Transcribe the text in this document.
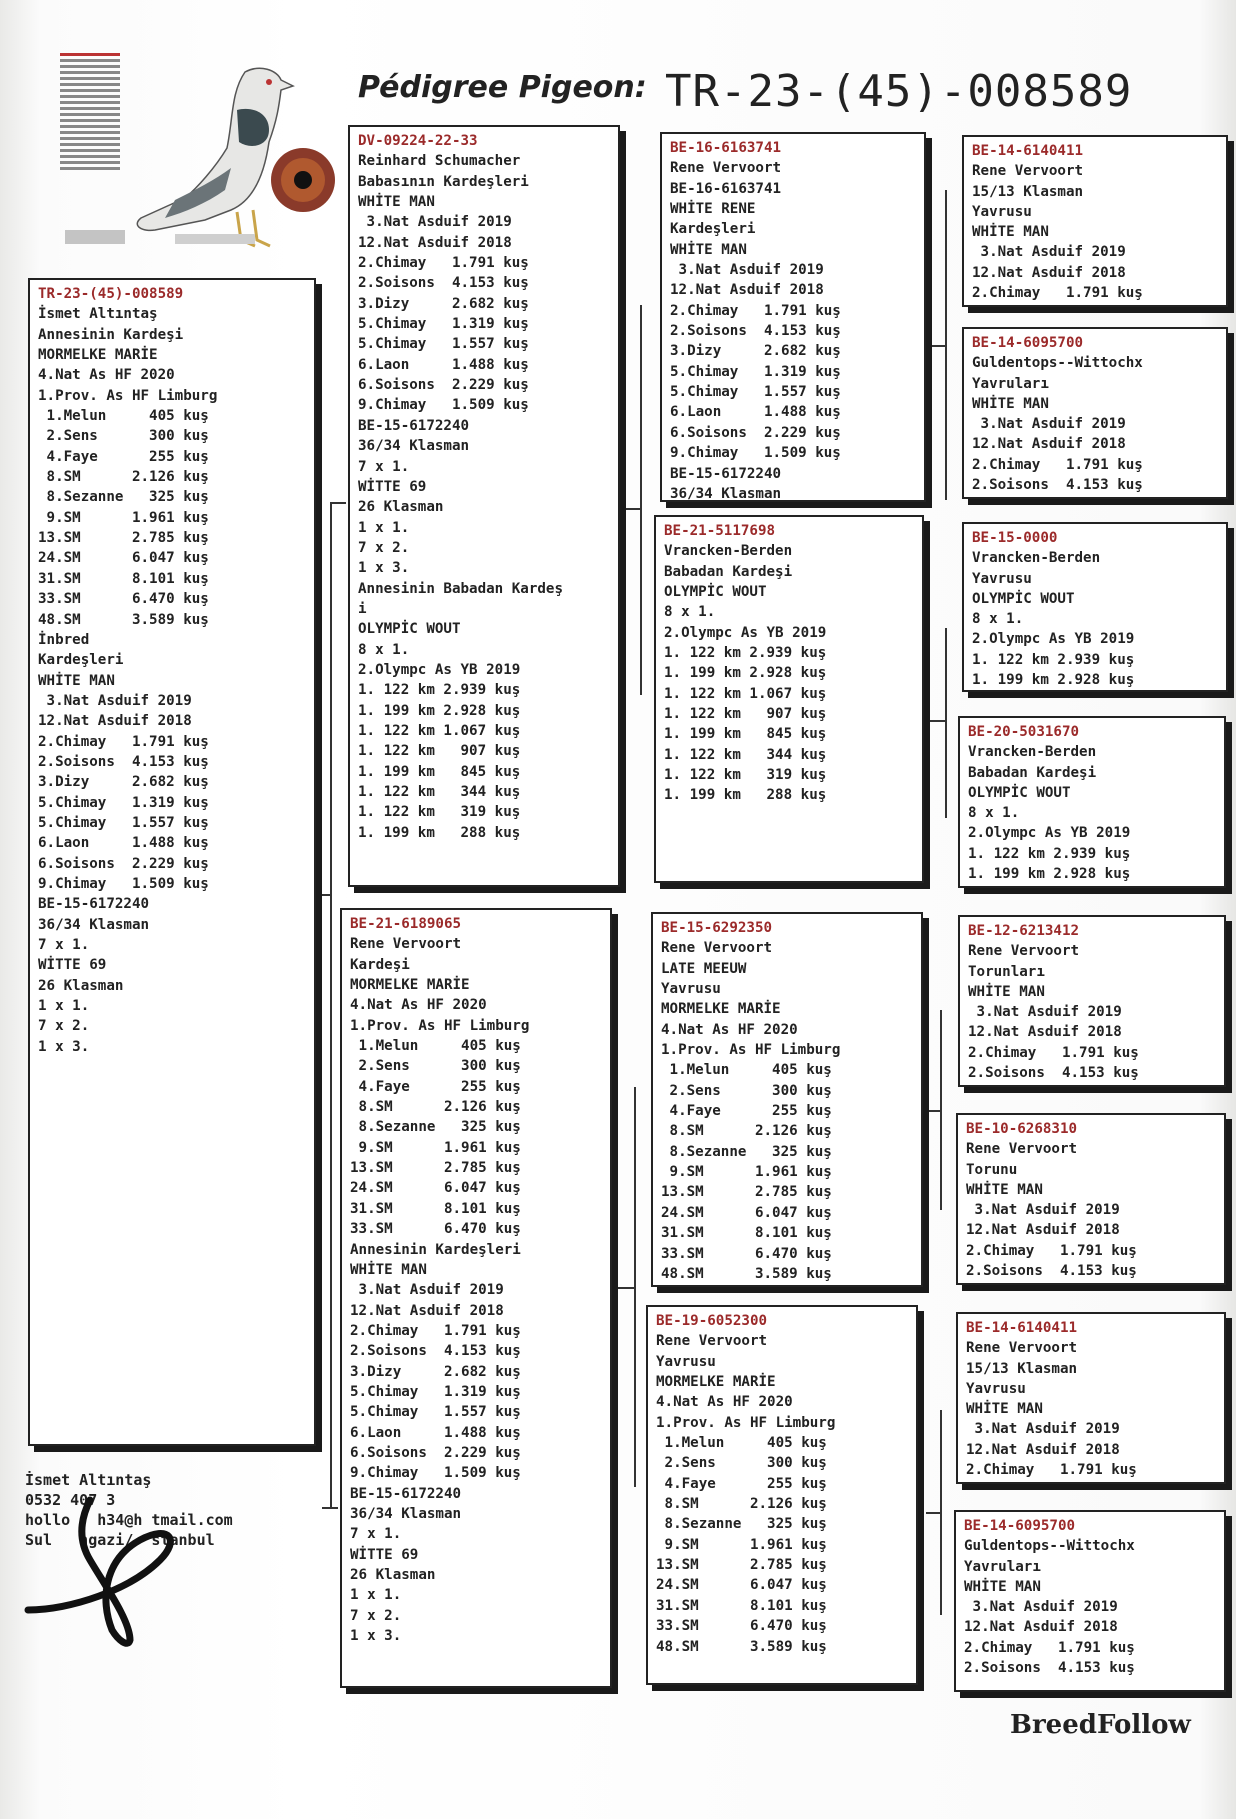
Pédigree Pigeon: TR-23-(45)-008589
TR-23-(45)-008589
İsmet Altıntaş
Annesinin Kardeşi
MORMELKE MARİE
4.Nat As HF 2020
1.Prov. As HF Limburg
1.Melun     405 kuş
2.Sens      300 kuş
4.Faye      255 kuş
8.SM      2.126 kuş
8.Sezanne   325 kuş
9.SM      1.961 kuş
13.SM      2.785 kuş
24.SM      6.047 kuş
31.SM      8.101 kuş
33.SM      6.470 kuş
48.SM      3.589 kuş
İnbred
Kardeşleri
WHİTE MAN
3.Nat Asduif 2019
12.Nat Asduif 2018
2.Chimay   1.791 kuş
2.Soisons  4.153 kuş
3.Dizy     2.682 kuş
5.Chimay   1.319 kuş
5.Chimay   1.557 kuş
6.Laon     1.488 kuş
6.Soisons  2.229 kuş
9.Chimay   1.509 kuş
BE-15-6172240
36/34 Klasman
7 x 1.
WİTTE 69
26 Klasman
1 x 1.
7 x 2.
1 x 3.
DV-09224-22-33
Reinhard Schumacher
Babasının Kardeşleri
WHİTE MAN
3.Nat Asduif 2019
12.Nat Asduif 2018
2.Chimay   1.791 kuş
2.Soisons  4.153 kuş
3.Dizy     2.682 kuş
5.Chimay   1.319 kuş
5.Chimay   1.557 kuş
6.Laon     1.488 kuş
6.Soisons  2.229 kuş
9.Chimay   1.509 kuş
BE-15-6172240
36/34 Klasman
7 x 1.
WİTTE 69
26 Klasman
1 x 1.
7 x 2.
1 x 3.
Annesinin Babadan Kardeş
i
OLYMPİC WOUT
8 x 1.
2.Olympc As YB 2019
1. 122 km 2.939 kuş
1. 199 km 2.928 kuş
1. 122 km 1.067 kuş
1. 122 km   907 kuş
1. 199 km   845 kuş
1. 122 km   344 kuş
1. 122 km   319 kuş
1. 199 km   288 kuş
BE-21-6189065
Rene Vervoort
Kardeşi
MORMELKE MARİE
4.Nat As HF 2020
1.Prov. As HF Limburg
1.Melun     405 kuş
2.Sens      300 kuş
4.Faye      255 kuş
8.SM      2.126 kuş
8.Sezanne   325 kuş
9.SM      1.961 kuş
13.SM      2.785 kuş
24.SM      6.047 kuş
31.SM      8.101 kuş
33.SM      6.470 kuş
Annesinin Kardeşleri
WHİTE MAN
3.Nat Asduif 2019
12.Nat Asduif 2018
2.Chimay   1.791 kuş
2.Soisons  4.153 kuş
3.Dizy     2.682 kuş
5.Chimay   1.319 kuş
5.Chimay   1.557 kuş
6.Laon     1.488 kuş
6.Soisons  2.229 kuş
9.Chimay   1.509 kuş
BE-15-6172240
36/34 Klasman
7 x 1.
WİTTE 69
26 Klasman
1 x 1.
7 x 2.
1 x 3.
BE-16-6163741
Rene Vervoort
BE-16-6163741
WHİTE RENE
Kardeşleri
WHİTE MAN
3.Nat Asduif 2019
12.Nat Asduif 2018
2.Chimay   1.791 kuş
2.Soisons  4.153 kuş
3.Dizy     2.682 kuş
5.Chimay   1.319 kuş
5.Chimay   1.557 kuş
6.Laon     1.488 kuş
6.Soisons  2.229 kuş
9.Chimay   1.509 kuş
BE-15-6172240
36/34 Klasman
BE-21-5117698
Vrancken-Berden
Babadan Kardeşi
OLYMPİC WOUT
8 x 1.
2.Olympc As YB 2019
1. 122 km 2.939 kuş
1. 199 km 2.928 kuş
1. 122 km 1.067 kuş
1. 122 km   907 kuş
1. 199 km   845 kuş
1. 122 km   344 kuş
1. 122 km   319 kuş
1. 199 km   288 kuş
BE-15-6292350
Rene Vervoort
LATE MEEUW
Yavrusu
MORMELKE MARİE
4.Nat As HF 2020
1.Prov. As HF Limburg
1.Melun     405 kuş
2.Sens      300 kuş
4.Faye      255 kuş
8.SM      2.126 kuş
8.Sezanne   325 kuş
9.SM      1.961 kuş
13.SM      2.785 kuş
24.SM      6.047 kuş
31.SM      8.101 kuş
33.SM      6.470 kuş
48.SM      3.589 kuş
BE-19-6052300
Rene Vervoort
Yavrusu
MORMELKE MARİE
4.Nat As HF 2020
1.Prov. As HF Limburg
1.Melun     405 kuş
2.Sens      300 kuş
4.Faye      255 kuş
8.SM      2.126 kuş
8.Sezanne   325 kuş
9.SM      1.961 kuş
13.SM      2.785 kuş
24.SM      6.047 kuş
31.SM      8.101 kuş
33.SM      6.470 kuş
48.SM      3.589 kuş
BE-14-6140411
Rene Vervoort
15/13 Klasman
Yavrusu
WHİTE MAN
3.Nat Asduif 2019
12.Nat Asduif 2018
2.Chimay   1.791 kuş
BE-14-6095700
Guldentops--Wittochx
Yavruları
WHİTE MAN
3.Nat Asduif 2019
12.Nat Asduif 2018
2.Chimay   1.791 kuş
2.Soisons  4.153 kuş
BE-15-0000
Vrancken-Berden
Yavrusu
OLYMPİC WOUT
8 x 1.
2.Olympc As YB 2019
1. 122 km 2.939 kuş
1. 199 km 2.928 kuş
BE-20-5031670
Vrancken-Berden
Babadan Kardeşi
OLYMPİC WOUT
8 x 1.
2.Olympc As YB 2019
1. 122 km 2.939 kuş
1. 199 km 2.928 kuş
BE-12-6213412
Rene Vervoort
Torunları
WHİTE MAN
3.Nat Asduif 2019
12.Nat Asduif 2018
2.Chimay   1.791 kuş
2.Soisons  4.153 kuş
BE-10-6268310
Rene Vervoort
Torunu
WHİTE MAN
3.Nat Asduif 2019
12.Nat Asduif 2018
2.Chimay   1.791 kuş
2.Soisons  4.153 kuş
BE-14-6140411
Rene Vervoort
15/13 Klasman
Yavrusu
WHİTE MAN
3.Nat Asduif 2019
12.Nat Asduif 2018
2.Chimay   1.791 kuş
BE-14-6095700
Guldentops--Wittochx
Yavruları
WHİTE MAN
3.Nat Asduif 2019
12.Nat Asduif 2018
2.Chimay   1.791 kuş
2.Soisons  4.153 kuş
İsmet Altıntaş
0532 407 3
hollo   h34@h tmail.com
Sul   ngazi/  stanbul
BreedFollow
